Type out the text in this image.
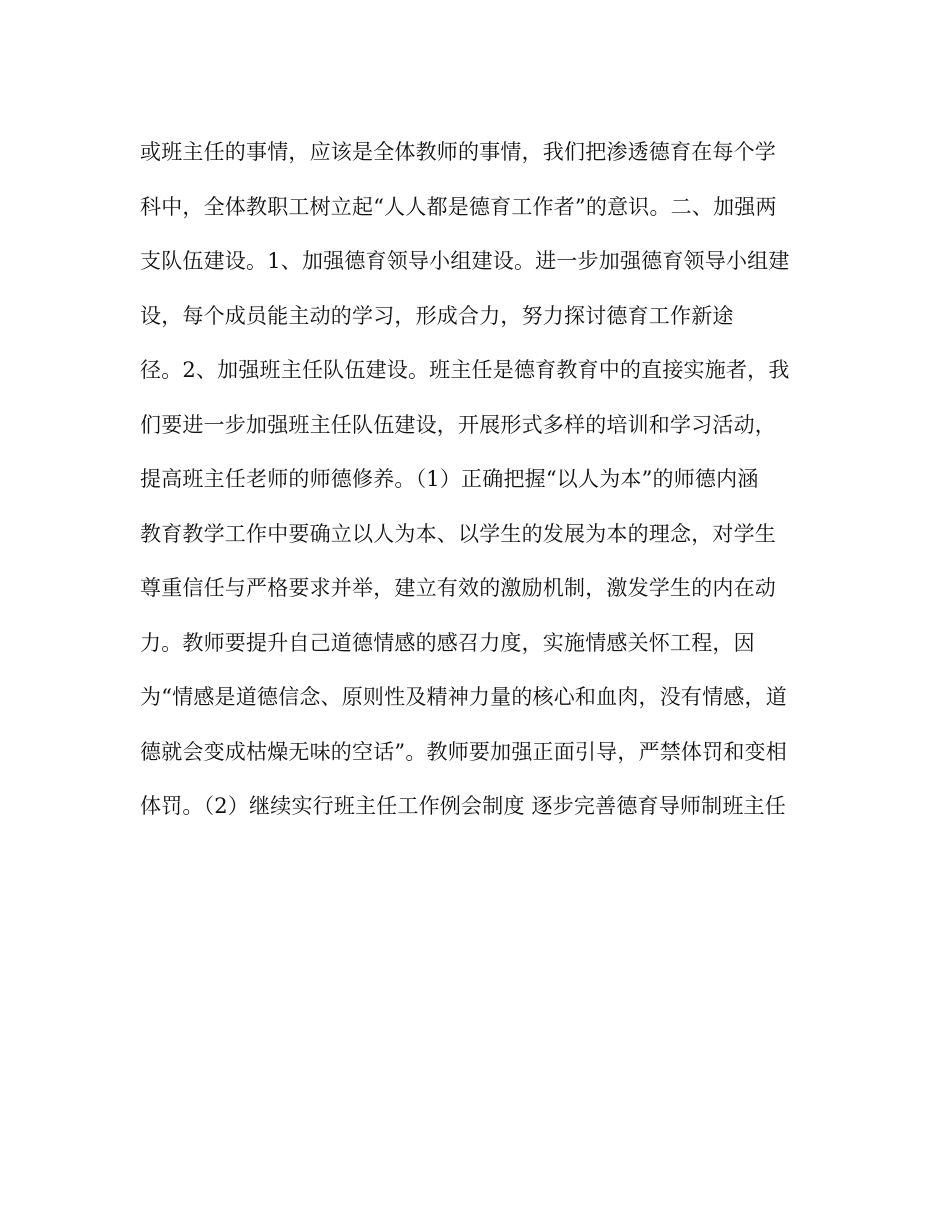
或班主任的事情，应该是全体教师的事情，我们把渗透德育在每个学
科中，全体教职工树立起“人人都是德育工作者”的意识。二、加强两
支队伍建设。1、加强德育领导小组建设。进一步加强德育领导小组建
设，每个成员能主动的学习，形成合力，努力探讨德育工作新途
径。2、加强班主任队伍建设。班主任是德育教育中的直接实施者，我
们要进一步加强班主任队伍建设，开展形式多样的培训和学习活动，
提高班主任老师的师德修养。（1）正确把握“以人为本”的师德内涵
教育教学工作中要确立以人为本、以学生的发展为本的理念，对学生
尊重信任与严格要求并举，建立有效的激励机制，激发学生的内在动
力。教师要提升自己道德情感的感召力度，实施情感关怀工程，因
为“情感是道德信念、原则性及精神力量的核心和血肉，没有情感，道
德就会变成枯燥无味的空话”。教师要加强正面引导，严禁体罚和变相
体罚。（2）继续实行班主任工作例会制度 逐步完善德育导师制班主任
